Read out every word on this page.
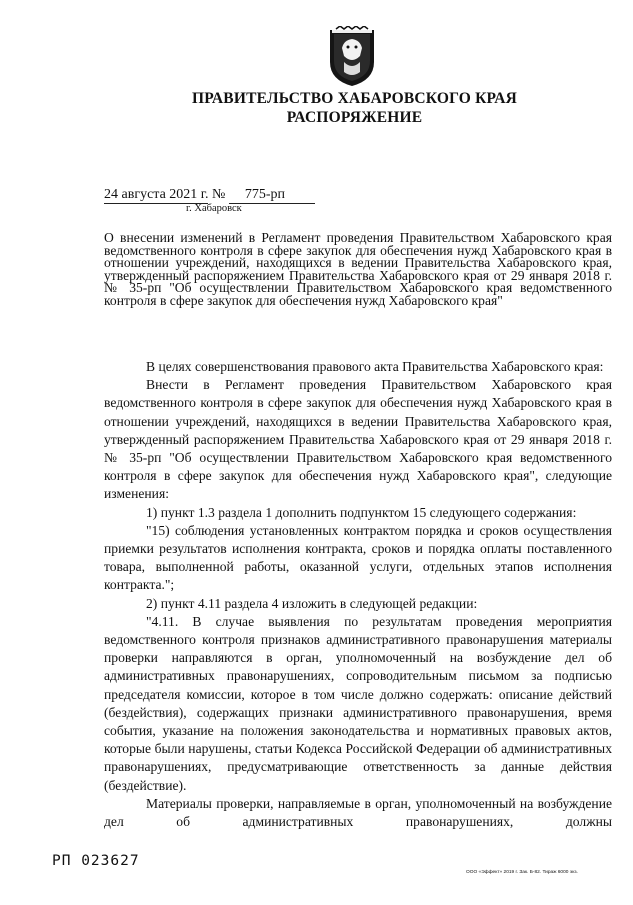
ПРАВИТЕЛЬСТВО ХАБАРОВСКОГО КРАЯ
РАСПОРЯЖЕНИЕ
24 августа 2021 г. № 775-рп
г. Хабаровск
О внесении изменений в Регламент проведения Правительством Хабаровского края ведомственного контроля в сфере закупок для обеспечения нужд Хабаровского края в отношении учреждений, находящихся в ведении Правительства Хабаровского края, утвержденный распоряжением Правительства Хабаровского края от 29 января 2018 г. № 35-рп "Об осуществлении Правительством Хабаровского края ведомственного контроля в сфере закупок для обеспечения нужд Хабаровского края"

В целях совершенствования правового акта Правительства Хабаровского края:

Внести в Регламент проведения Правительством Хабаровского края ведомственного контроля в сфере закупок для обеспечения нужд Хабаровского края в отношении учреждений, находящихся в ведении Правительства Хабаровского края, утвержденный распоряжением Правительства Хабаровского края от 29 января 2018 г. № 35-рп "Об осуществлении Правительством Хабаровского края ведомственного контроля в сфере закупок для обеспечения нужд Хабаровского края", следующие изменения:

1) пункт 1.3 раздела 1 дополнить подпунктом 15 следующего содержания:

"15) соблюдения установленных контрактом порядка и сроков осуществления приемки результатов исполнения контракта, сроков и порядка оплаты поставленного товара, выполненной работы, оказанной услуги, отдельных этапов исполнения контракта.";

2) пункт 4.11 раздела 4 изложить в следующей редакции:

"4.11. В случае выявления по результатам проведения мероприятия ведомственного контроля признаков административного правонарушения материалы проверки направляются в орган, уполномоченный на возбуждение дел об административных правонарушениях, сопроводительным письмом за подписью председателя комиссии, которое в том числе должно содержать: описание действий (бездействия), содержащих признаки административного правонарушения, время события, указание на положения законодательства и нормативных правовых актов, которые были нарушены, статьи Кодекса Российской Федерации об административных правонарушениях, предусматривающие ответственность за данные действия (бездействие).

Материалы проверки, направляемые в орган, уполномоченный на возбуждение дел об административных правонарушениях, должны

РП 023627
ООО «Эффект» 2019 г. Зак. Б-82. Тираж 6000 экз.
